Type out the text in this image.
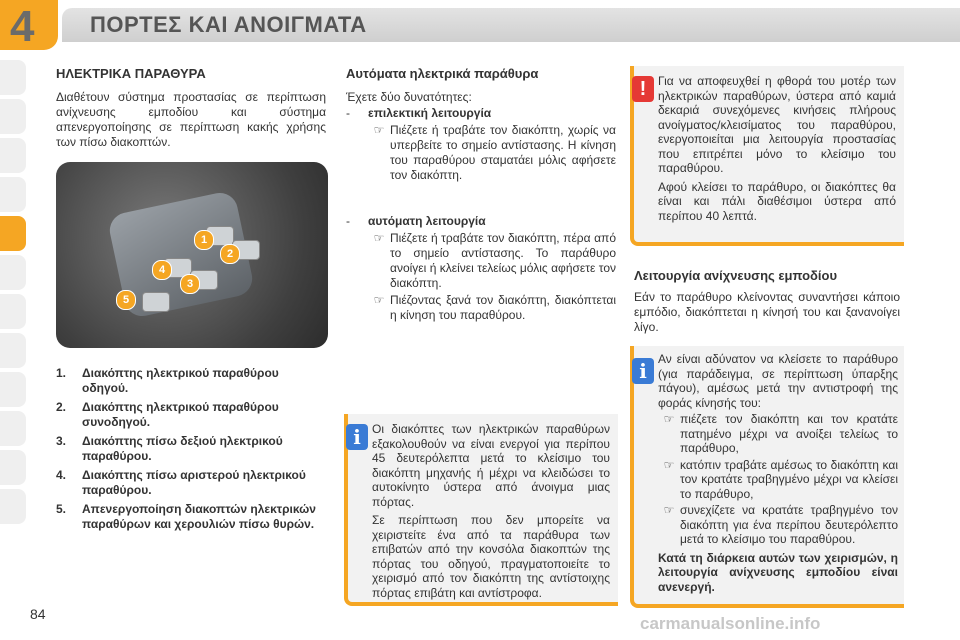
4	ΠΟΡΤΕΣ ΚΑΙ ΑΝΟΙΓΜΑΤΑ
ΗΛΕΚΤΡΙΚΑ ΠΑΡΑΘΥΡΑ
Διαθέτουν σύστημα προστασίας σε περίπτωση ανίχνευσης εμποδίου και σύστημα απενεργοποίησης σε περίπτωση κακής χρήσης των πίσω διακοπτών.
1
2
3
4
5
1.	Διακόπτης ηλεκτρικού παραθύρου οδηγού.
2.	Διακόπτης ηλεκτρικού παραθύρου συνοδηγού.
3.	Διακόπτης πίσω δεξιού ηλεκτρικού παραθύρου.
4.	Διακόπτης πίσω αριστερού ηλεκτρικού παραθύρου.
5.	Απενεργοποίηση διακοπτών ηλεκτρικών παραθύρων και χερουλιών πίσω θυρών.
Αυτόματα ηλεκτρικά παράθυρα
Έχετε δύο δυνατότητες:
-	επιλεκτική λειτουργία
☞ Πιέζετε ή τραβάτε τον διακόπτη, χωρίς να υπερβείτε το σημείο αντίστασης. Η κίνηση του παραθύρου σταματάει μόλις αφήσετε τον διακόπτη.
-	αυτόματη λειτουργία
☞ Πιέζετε ή τραβάτε τον διακόπτη, πέρα από το σημείο αντίστασης. Το παράθυρο ανοίγει ή κλείνει τελείως μόλις αφήσετε τον διακόπτη.
☞ Πιέζοντας ξανά τον διακόπτη, διακόπτεται η κίνηση του παραθύρου.
i Οι διακόπτες των ηλεκτρικών παραθύρων εξακολουθούν να είναι ενεργοί για περίπου 45 δευτερόλεπτα μετά το κλείσιμο του διακόπτη μηχανής ή μέχρι να κλειδώσει το αυτοκίνητο ύστερα από άνοιγμα μιας πόρτας.
Σε περίπτωση που δεν μπορείτε να χειριστείτε ένα από τα παράθυρα των επιβατών από την κονσόλα διακοπτών της πόρτας του οδηγού, πραγματοποιείτε το χειρισμό από τον διακόπτη της αντίστοιχης πόρτας επιβάτη και αντίστροφα.
! Για να αποφευχθεί η φθορά του μοτέρ των ηλεκτρικών παραθύρων, ύστερα από καμιά δεκαριά συνεχόμενες κινήσεις πλήρους ανοίγματος/κλεισίματος του παραθύρου, ενεργοποιείται μια λειτουργία προστασίας που επιτρέπει μόνο το κλείσιμο του παραθύρου.
Αφού κλείσει το παράθυρο, οι διακόπτες θα είναι και πάλι διαθέσιμοι ύστερα από περίπου 40 λεπτά.
Λειτουργία ανίχνευσης εμποδίου
Εάν το παράθυρο κλείνοντας συναντήσει κάποιο εμπόδιο, διακόπτεται η κίνησή του και ξανανοίγει λίγο.
i Αν είναι αδύνατον να κλείσετε το παράθυρο (για παράδειγμα, σε περίπτωση ύπαρξης πάγου), αμέσως μετά την αντιστροφή της φοράς κίνησής του:
☞ πιέζετε τον διακόπτη και τον κρατάτε πατημένο μέχρι να ανοίξει τελείως το παράθυρο,
☞ κατόπιν τραβάτε αμέσως το διακόπτη και τον κρατάτε τραβηγμένο μέχρι να κλείσει το παράθυρο,
☞ συνεχίζετε να κρατάτε τραβηγμένο τον διακόπτη για ένα περίπου δευτερόλεπτο μετά το κλείσιμο του παραθύρου.
Κατά τη διάρκεια αυτών των χειρισμών, η λειτουργία ανίχνευσης εμποδίου είναι ανενεργή.
84	carmanualsonline.info
